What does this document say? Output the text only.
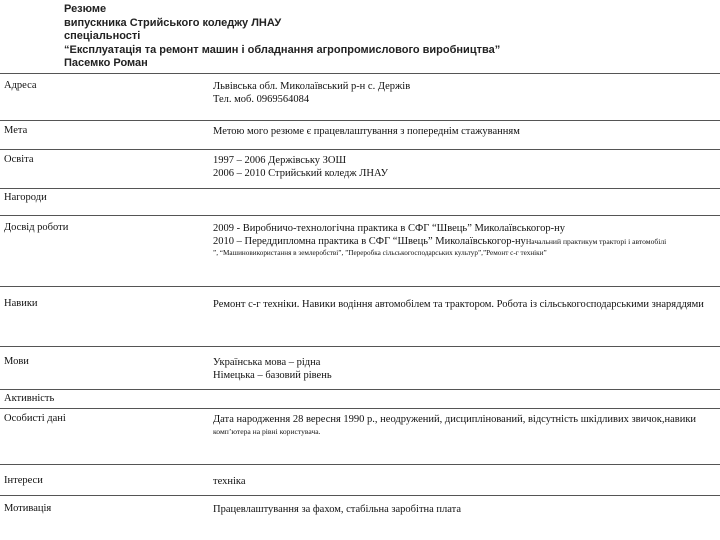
Резюме
випускника Стрийського коледжу ЛНАУ
спеціальності
“Експлуатація та ремонт машин і обладнання агропромислового виробництва”
Пасемко Роман
Адреса	Львівська обл. Миколаївський р-н с. Держів
Тел. моб. 0969564084
Мета	Метою мого резюме є працевлаштування з попереднім стажуванням
Освіта	1997 – 2006 Держівську ЗОШ
2006 – 2010 Стрийський коледж ЛНАУ
Нагороди
Досвід роботи	2009 - Виробничо-технологічна практика в СФГ “Швець” Миколаївськогор-ну
2010 – Переддипломна практика в СФГ “Швець” Миколаївськогор-нуНачальний практикум тракторі і автомобілі
”, “Машиновикористання в землеробстві”, ”Переробка сільськогосподарських культур”,”Ремонт с-г техніки”
Навики	Ремонт с-г техніки. Навики водіння автомобілем та трактором. Робота із сільськогосподарськими знаряддями
Мови	Українська мова – рідна
Німецька – базовий рівень
Активність
Особисті дані	Дата народження 28 вересня 1990 р., неодружений, дисциплінований, відсутність шкідливих звичок,навики
комп’ютера на рівні користувача.
Інтереси	техніка
Мотивація	Працевлаштування за фахом, стабільна заробітна плата
